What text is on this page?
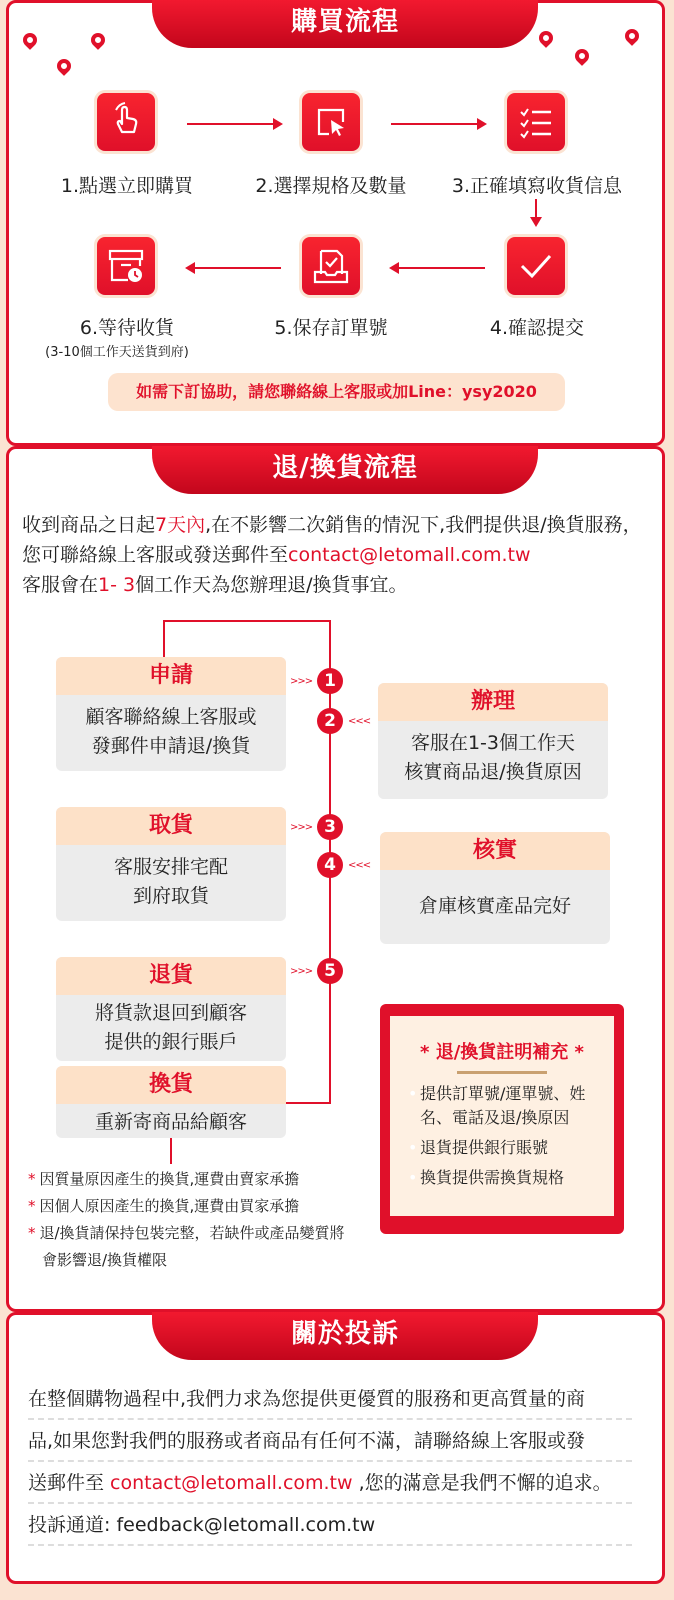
購買流程
1.點選立即購買	2.選擇規格及數量	3.正確填寫收貨信息
4.確認提交
5.保存訂單號
6.等待收貨
(3-10個工作天送貨到府)
如需下訂協助，請您聯絡線上客服或加Line：ysy2020
退/換貨流程
收到商品之日起7天內,在不影響二次銷售的情況下,我們提供退/換貨服務，您可聯絡線上客服或發送郵件至contact@letomall.com.tw
客服會在1- 3個工作天為您辦理退/換貨事宜。
申請
顧客聯絡線上客服或
發郵件申請退/換貨
辦理
客服在1-3個工作天
核實商品退/換貨原因
取貨
客服安排宅配
到府取貨
核實
倉庫核實產品完好
退貨
將貨款退回到顧客
提供的銀行賬戶
換貨
重新寄商品給顧客
>>> 1
2	<<<
>>> 3
4	<<<
>>> 5
* 退/換貨註明補充 *
• 提供訂單號/運單號、姓名、電話及退/換原因
• 退貨提供銀行賬號
• 換貨提供需換貨規格
* 因質量原因產生的換貨,運費由賣家承擔
* 因個人原因產生的換貨,運費由買家承擔
* 退/換貨請保持包裝完整，若缺件或產品變質將會影響退/換貨權限
關於投訴
在整個購物過程中,我們力求為您提供更優質的服務和更高質量的商
品,如果您對我們的服務或者商品有任何不滿，請聯絡線上客服或發
送郵件至 contact@letomall.com.tw ,您的滿意是我們不懈的追求。
投訴通道: feedback@letomall.com.tw
